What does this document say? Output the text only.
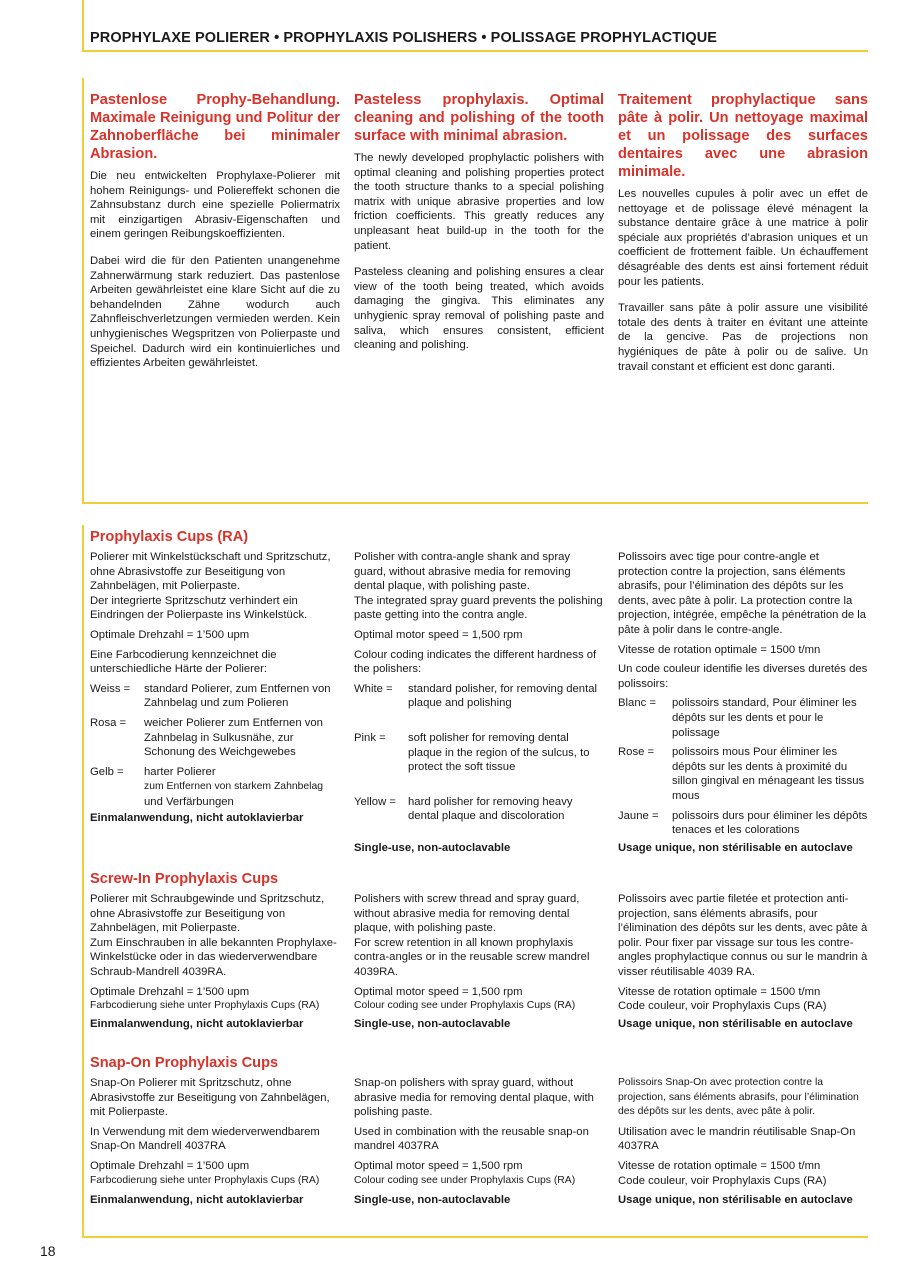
PROPHYLAXE POLIERER • PROPHYLAXIS POLISHERS • POLISSAGE PROPHYLACTIQUE
Pastenlose Prophy-Behandlung. Maximale Reinigung und Politur der Zahnoberfläche bei minimaler Abrasion.

Die neu entwickelten Prophylaxe-Polierer mit hohem Reinigungs- und Poliereffekt schonen die Zahnsubstanz durch eine spezielle Poliermatrix mit einzigartigen Abrasiv-Eigenschaften und einem geringen Reibungskoeffizienten.

Dabei wird die für den Patienten unangenehme Zahnerwärmung stark reduziert. Das pastenlose Arbeiten gewährleistet eine klare Sicht auf die zu behandelnden Zähne wodurch auch Zahnfleischverletzungen vermieden werden. Kein unhygienisches Wegspritzen von Polierpaste und Speichel. Dadurch wird ein kontinuierliches und effizientes Arbeiten gewährleistet.

Pasteless prophylaxis. Optimal cleaning and polishing of the tooth surface with minimal abrasion.

The newly developed prophylactic polishers with optimal cleaning and polishing properties protect the tooth structure thanks to a special polishing matrix with unique abrasive properties and low friction coefficients. This greatly reduces any unpleasant heat build-up in the tooth for the patient.

Pasteless cleaning and polishing ensures a clear view of the tooth being treated, which avoids damaging the gingiva. This eliminates any unhygienic spray removal of polishing paste and saliva, which ensures consistent, efficient cleaning and polishing.

Traitement prophylactique sans pâte à polir. Un nettoyage maximal et un polissage des surfaces dentaires avec une abrasion minimale.

Les nouvelles cupules à polir avec un effet de nettoyage et de polissage élevé ménagent la substance dentaire grâce à une matrice à polir spéciale aux propriétés d’abrasion uniques et un coefficient de frottement faible. Un échauffement désagréable des dents est ainsi fortement réduit pour les patients.

Travailler sans pâte à polir assure une visibilité totale des dents à traiter en évitant une atteinte de la gencive. Pas de projections non hygiéniques de pâte à polir ou de salive. Un travail constant et efficient est donc garanti.

Prophylaxis Cups (RA)

Polierer mit Winkelstückschaft und Spritzschutz, ohne Abrasivstoffe zur Beseitigung von Zahnbelägen, mit Polierpaste.

Der integrierte Spritzschutz verhindert ein Eindringen der Polierpaste ins Winkelstück.

Optimale Drehzahl = 1’500 upm

Eine Farbcodierung kennzeichnet die unterschiedliche Härte der Polierer:

Weiss =	standard Polierer, zum Entfernen von Zahnbelag und zum Polieren
Rosa =	weicher Polierer zum Entfernen von Zahnbelag in Sulkusnähe, zur Schonung des Weichgewebes
Gelb =	harter Polierer
zum Entfernen von starkem Zahnbelag
und Verfärbungen

Einmalanwendung, nicht autoklavierbar

Polisher with contra-angle shank and spray guard, without abrasive media for removing dental plaque, with polishing paste.

The integrated spray guard prevents the polishing paste getting into the contra angle.

Optimal motor speed = 1,500 rpm

Colour coding indicates the different hardness of the polishers:

White =	standard polisher, for removing dental plaque and polishing
Pink =	soft polisher for removing dental plaque in the region of the sulcus, to protect the soft tissue
Yellow =	hard polisher for removing heavy dental plaque and discoloration

Single-use, non-autoclavable

Polissoirs avec tige pour contre-angle et protection contre la projection, sans éléments abrasifs, pour l’élimination des dépôts sur les dents, avec pâte à polir. La protection contre la projection, intégrée, empêche la pénétration de la pâte à polir dans le contre-angle.

Vitesse de rotation optimale = 1500 t/mn

Un code couleur identifie les diverses duretés des polissoirs:

Blanc =	polissoirs standard, Pour éliminer les dépôts sur les dents et pour le polissage
Rose =	polissoirs mous Pour éliminer les dépôts sur les dents à proximité du sillon gingival en ménageant les tissus mous
Jaune =	polissoirs durs pour éliminer les dépôts tenaces et les colorations

Usage unique, non stérilisable en autoclave

Screw-In Prophylaxis Cups

Polierer mit Schraubgewinde und Spritzschutz, ohne Abrasivstoffe zur Beseitigung von Zahnbelägen, mit Polierpaste.

Zum Einschrauben in alle bekannten Prophylaxe-Winkelstücke oder in das wiederverwendbare Schraub-Mandrell 4039RA.

Optimale Drehzahl = 1’500 upm

Farbcodierung siehe unter Prophylaxis Cups (RA)

Einmalanwendung, nicht autoklavierbar

Polishers with screw thread and spray guard, without abrasive media for removing dental plaque, with polishing paste.

For screw retention in all known prophylaxis contra-angles or in the reusable screw mandrel 4039RA.

Optimal motor speed = 1,500 rpm

Colour coding see under Prophylaxis Cups (RA)

Single-use, non-autoclavable

Polissoirs avec partie filetée et protection anti-projection, sans éléments abrasifs, pour l’élimination des dépôts sur les dents, avec pâte à polir. Pour fixer par vissage sur tous les contre-angles prophylactique connus ou sur le mandrin à visser réutilisable 4039 RA.

Vitesse de rotation optimale = 1500 t/mn

Code couleur, voir Prophylaxis Cups (RA)

Usage unique, non stérilisable en autoclave

Snap-On Prophylaxis Cups

Snap-On Polierer mit Spritzschutz, ohne Abrasivstoffe zur Beseitigung von Zahnbelägen, mit Polierpaste.

In Verwendung mit dem wiederverwendbarem Snap-On Mandrell 4037RA

Optimale Drehzahl = 1’500 upm

Farbcodierung siehe unter Prophylaxis Cups (RA)

Einmalanwendung, nicht autoklavierbar

Snap-on polishers with spray guard, without abrasive media for removing dental plaque, with polishing paste.

Used in combination with the reusable snap-on mandrel 4037RA

Optimal motor speed = 1,500 rpm

Colour coding see under Prophylaxis Cups (RA)

Single-use, non-autoclavable

Polissoirs Snap-On avec protection contre la projection, sans éléments abrasifs, pour l’élimination des dépôts sur les dents, avec pâte à polir.

Utilisation avec le mandrin réutilisable Snap-On 4037RA

Vitesse de rotation optimale = 1500 t/mn

Code couleur, voir Prophylaxis Cups (RA)

Usage unique, non stérilisable en autoclave

18
